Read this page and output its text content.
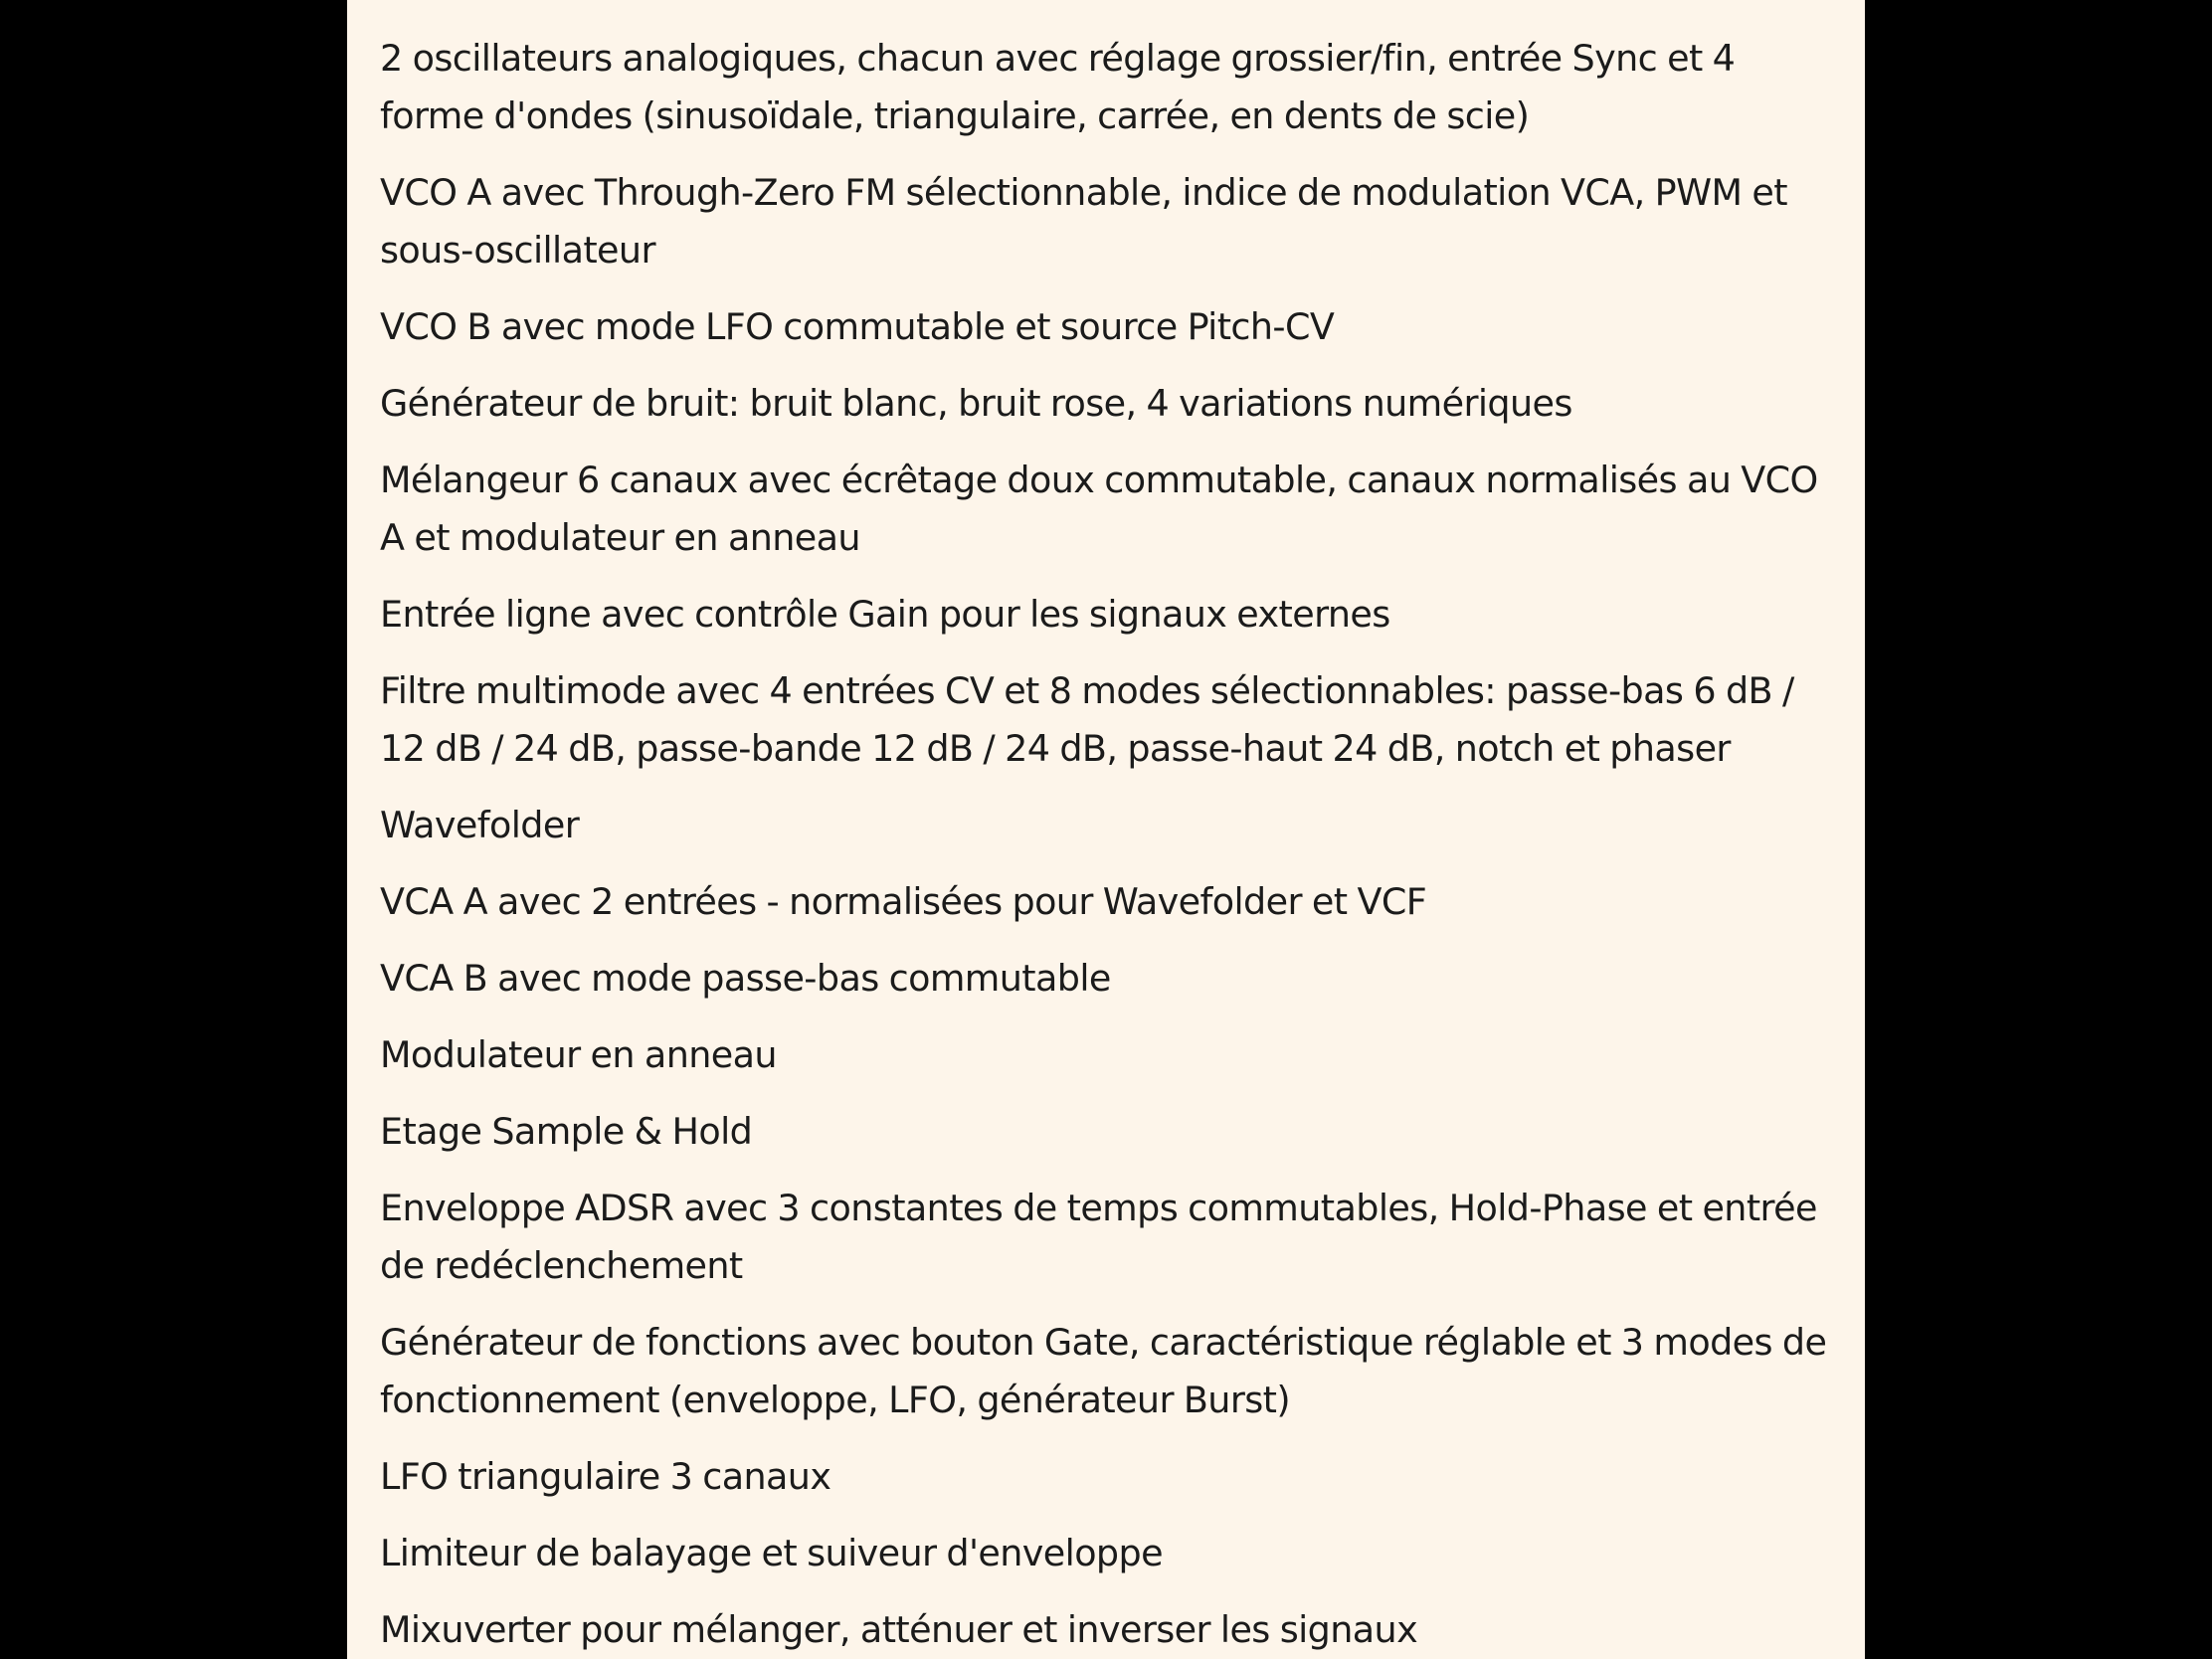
2 oscillateurs analogiques, chacun avec réglage grossier/fin, entrée Sync et 4 forme d'ondes (sinusoïdale, triangulaire, carrée, en dents de scie)
VCO A avec Through-Zero FM sélectionnable, indice de modulation VCA, PWM et sous-oscillateur
VCO B avec mode LFO commutable et source Pitch-CV
Générateur de bruit: bruit blanc, bruit rose, 4 variations numériques
Mélangeur 6 canaux avec écrêtage doux commutable, canaux normalisés au VCO A et modulateur en anneau
Entrée ligne avec contrôle Gain pour les signaux externes
Filtre multimode avec 4 entrées CV et 8 modes sélectionnables: passe-bas 6 dB / 12 dB / 24 dB, passe-bande 12 dB / 24 dB, passe-haut 24 dB, notch et phaser
Wavefolder
VCA A avec 2 entrées - normalisées pour Wavefolder et VCF
VCA B avec mode passe-bas commutable
Modulateur en anneau
Etage Sample & Hold
Enveloppe ADSR avec 3 constantes de temps commutables, Hold-Phase et entrée de redéclenchement
Générateur de fonctions avec bouton Gate, caractéristique réglable et 3 modes de fonctionnement (enveloppe, LFO, générateur Burst)
LFO triangulaire 3 canaux
Limiteur de balayage et suiveur d'enveloppe
Mixuverter pour mélanger, atténuer et inverser les signaux
